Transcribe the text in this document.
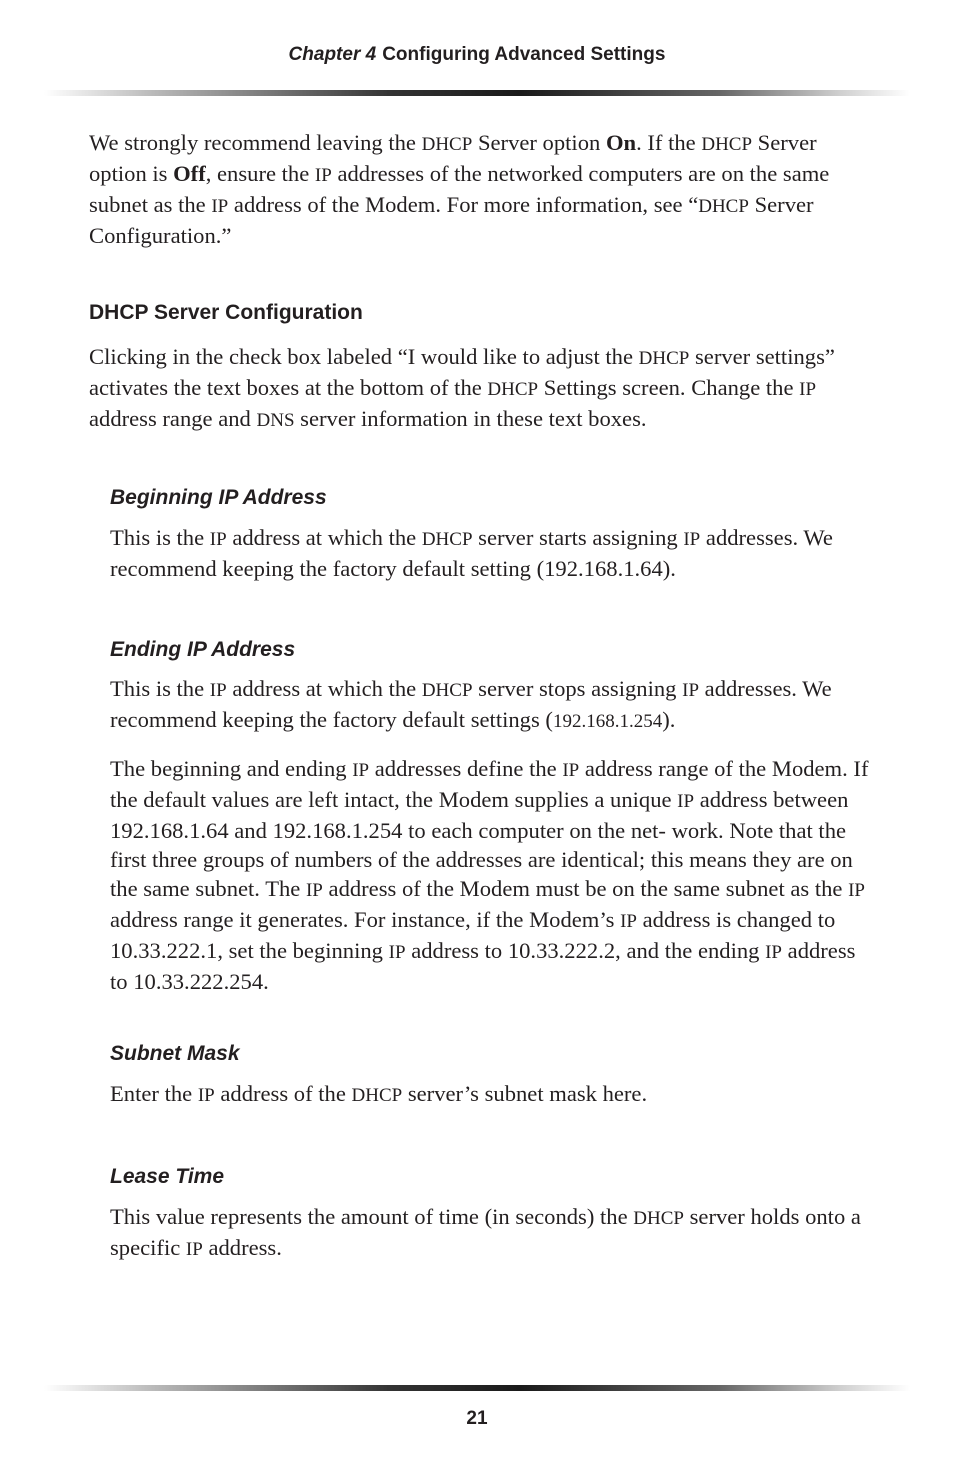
Chapter 4 Configuring Advanced Settings

We strongly recommend leaving the DHCP Server option On. If the DHCP Server option is Off, ensure the IP addresses of the networked computers are on the same subnet as the IP address of the Modem. For more information, see “DHCP Server Configuration.”

DHCP Server Configuration

Clicking in the check box labeled “I would like to adjust the DHCP server settings” activates the text boxes at the bottom of the DHCP Settings screen. Change the IP address range and DNS server information in these text boxes.

Beginning IP Address

This is the IP address at which the DHCP server starts assigning IP addresses. We recommend keeping the factory default setting (192.168.1.64).

Ending IP Address

This is the IP address at which the DHCP server stops assigning IP addresses. We recommend keeping the factory default settings (192.168.1.254).

The beginning and ending IP addresses define the IP address range of the Modem. If the default values are left intact, the Modem supplies a unique IP address between 192.168.1.64 and 192.168.1.254 to each computer on the net- work. Note that the first three groups of numbers of the addresses are identical; this means they are on the same subnet. The IP address of the Modem must be on the same subnet as the IP address range it generates. For instance, if the Modem’s IP address is changed to 10.33.222.1, set the beginning IP address to 10.33.222.2, and the ending IP address to 10.33.222.254.

Subnet Mask

Enter the IP address of the DHCP server’s subnet mask here.

Lease Time

This value represents the amount of time (in seconds) the DHCP server holds onto a specific IP address.

21
